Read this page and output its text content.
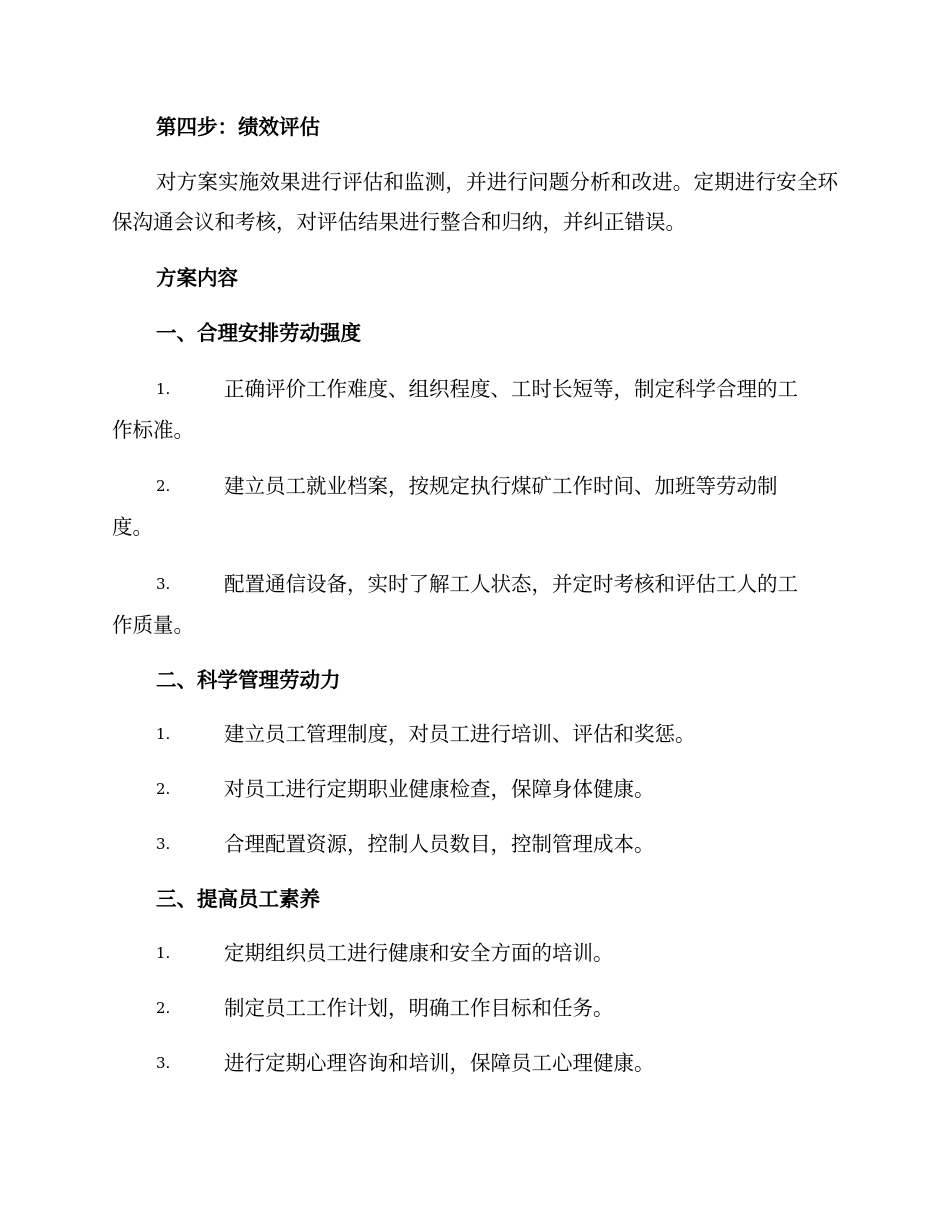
第四步：绩效评估
对方案实施效果进行评估和监测，并进行问题分析和改进。定期进行安全环保沟通会议和考核，对评估结果进行整合和归纳，并纠正错误。
方案内容
一、合理安排劳动强度
1.	正确评价工作难度、组织程度、工时长短等，制定科学合理的工
作标准。
2.	建立员工就业档案，按规定执行煤矿工作时间、加班等劳动制
度。
3.	配置通信设备，实时了解工人状态，并定时考核和评估工人的工
作质量。
二、科学管理劳动力
1.	建立员工管理制度，对员工进行培训、评估和奖惩。
2.	对员工进行定期职业健康检查，保障身体健康。
3.	合理配置资源，控制人员数目，控制管理成本。
三、提高员工素养
1.	定期组织员工进行健康和安全方面的培训。
2.	制定员工工作计划，明确工作目标和任务。
3.	进行定期心理咨询和培训，保障员工心理健康。
